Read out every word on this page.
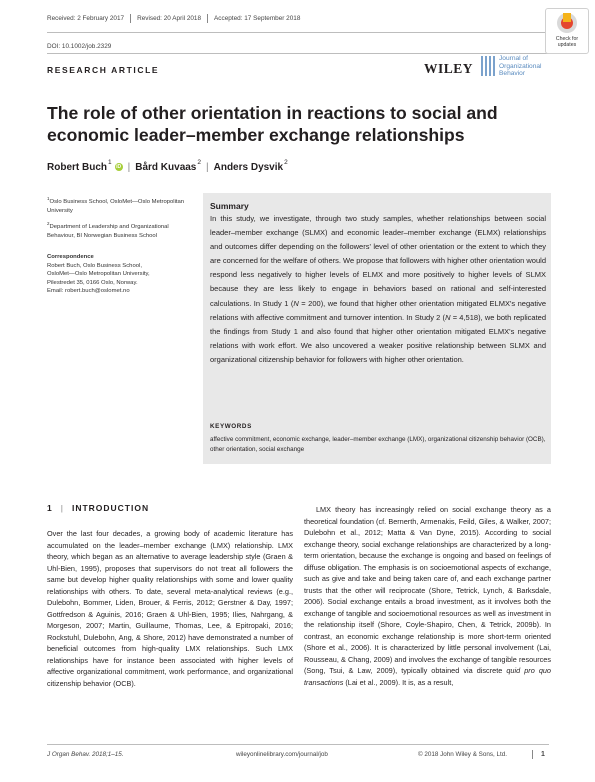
Received: 2 February 2017 Revised: 20 April 2018 Accepted: 17 September 2018
DOI: 10.1002/job.2329
Check for updates
RESEARCH ARTICLE	WILEY
Journal of
Organizational
Behavior
The role of other orientation in reactions to social and economic leader–member exchange relationships
Robert Buch$^1$
iD | Bård Kuvaas$^2$ | Anders Dysvik$^2$
$^1$Oslo Business School, OsloMet—Oslo Metropolitan University
$^2$Department of Leadership and Organizational Behaviour, BI Norwegian Business School
Correspondence
Robert Buch, Oslo Business School,
OsloMet—Oslo Metropolitan University,
Pilestredet 35, 0166 Oslo, Norway.
Email: robert.buch@oslomet.no
Summary
In this study, we investigate, through two study samples, whether relationships between social leader–member exchange (SLMX) and economic leader–member exchange (ELMX) relationships and outcomes differ depending on the followers' level of other orientation or the extent to which they are concerned for the welfare of others. We propose that followers with higher other orientation would respond less negatively to higher levels of ELMX and more positively to higher levels of SLMX because they are less likely to engage in behaviors based on rational and self-interested calculations. In Study 1 (N = 200), we found that higher other orientation mitigated ELMX's negative relations with affective commitment and turnover intention. In Study 2 (N = 4,518), we both replicated the findings from Study 1 and also found that higher other orientation mitigated ELMX's negative relations with work effort. We also uncovered a weaker positive relationship between SLMX and organizational citizenship behavior for followers with higher other orientation.
KEYWORDS
affective commitment, economic exchange, leader–member exchange (LMX), organizational citizenship behavior (OCB), other orientation, social exchange
1 | INTRODUCTION
Over the last four decades, a growing body of academic literature has accumulated on the leader–member exchange (LMX) relationship. LMX theory, which began as an alternative to average leadership style (Graen & Uhl-Bien, 1995), proposes that supervisors do not treat all followers the same but develop higher quality relationships with some and lower quality relationships with others. To date, several meta-analytical reviews (e.g., Dulebohn, Bommer, Liden, Brouer, & Ferris, 2012; Gerstner & Day, 1997; Gottfredson & Aguinis, 2016; Graen & Uhl-Bien, 1995; Ilies, Nahrgang, & Morgeson, 2007; Martin, Guillaume, Thomas, Lee, & Epitropaki, 2016; Rockstuhl, Dulebohn, Ang, & Shore, 2012) have demonstrated a number of beneficial outcomes from high-quality LMX relationships. Such LMX relationships have for instance been associated with higher levels of affective organizational commitment, work performance, and organizational citizenship behavior (OCB).
LMX theory has increasingly relied on social exchange theory as a theoretical foundation (cf. Bernerth, Armenakis, Feild, Giles, & Walker, 2007; Dulebohn et al., 2012; Matta & Van Dyne, 2015). According to social exchange theory, social exchange relationships are characterized by a long-term orientation, because the exchange is ongoing and based on feelings of diffuse obligation. The emphasis is on socioemotional aspects of exchange, such as give and take and being taken care of, and each exchange partner trusts that the other will reciprocate (Shore, Tetrick, Lynch, & Barksdale, 2006). Social exchange entails a broad investment, as it involves both the exchange of tangible and socioemotional resources as well as investment in the relationship itself (Shore, Coyle-Shapiro, Chen, & Tetrick, 2009b). In contrast, an economic exchange relationship is more short-term oriented (Shore et al., 2006). It is characterized by little personal involvement (Lai, Rousseau, & Chang, 2009) and involves the exchange of tangible resources (Song, Tsui, & Law, 2009), typically obtained via discrete quid pro quo transactions (Lai et al., 2009). It is, as a result,
J Organ Behav. 2018;1–15.	wileyonlinelibrary.com/journal/job	© 2018 John Wiley & Sons, Ltd.	1
